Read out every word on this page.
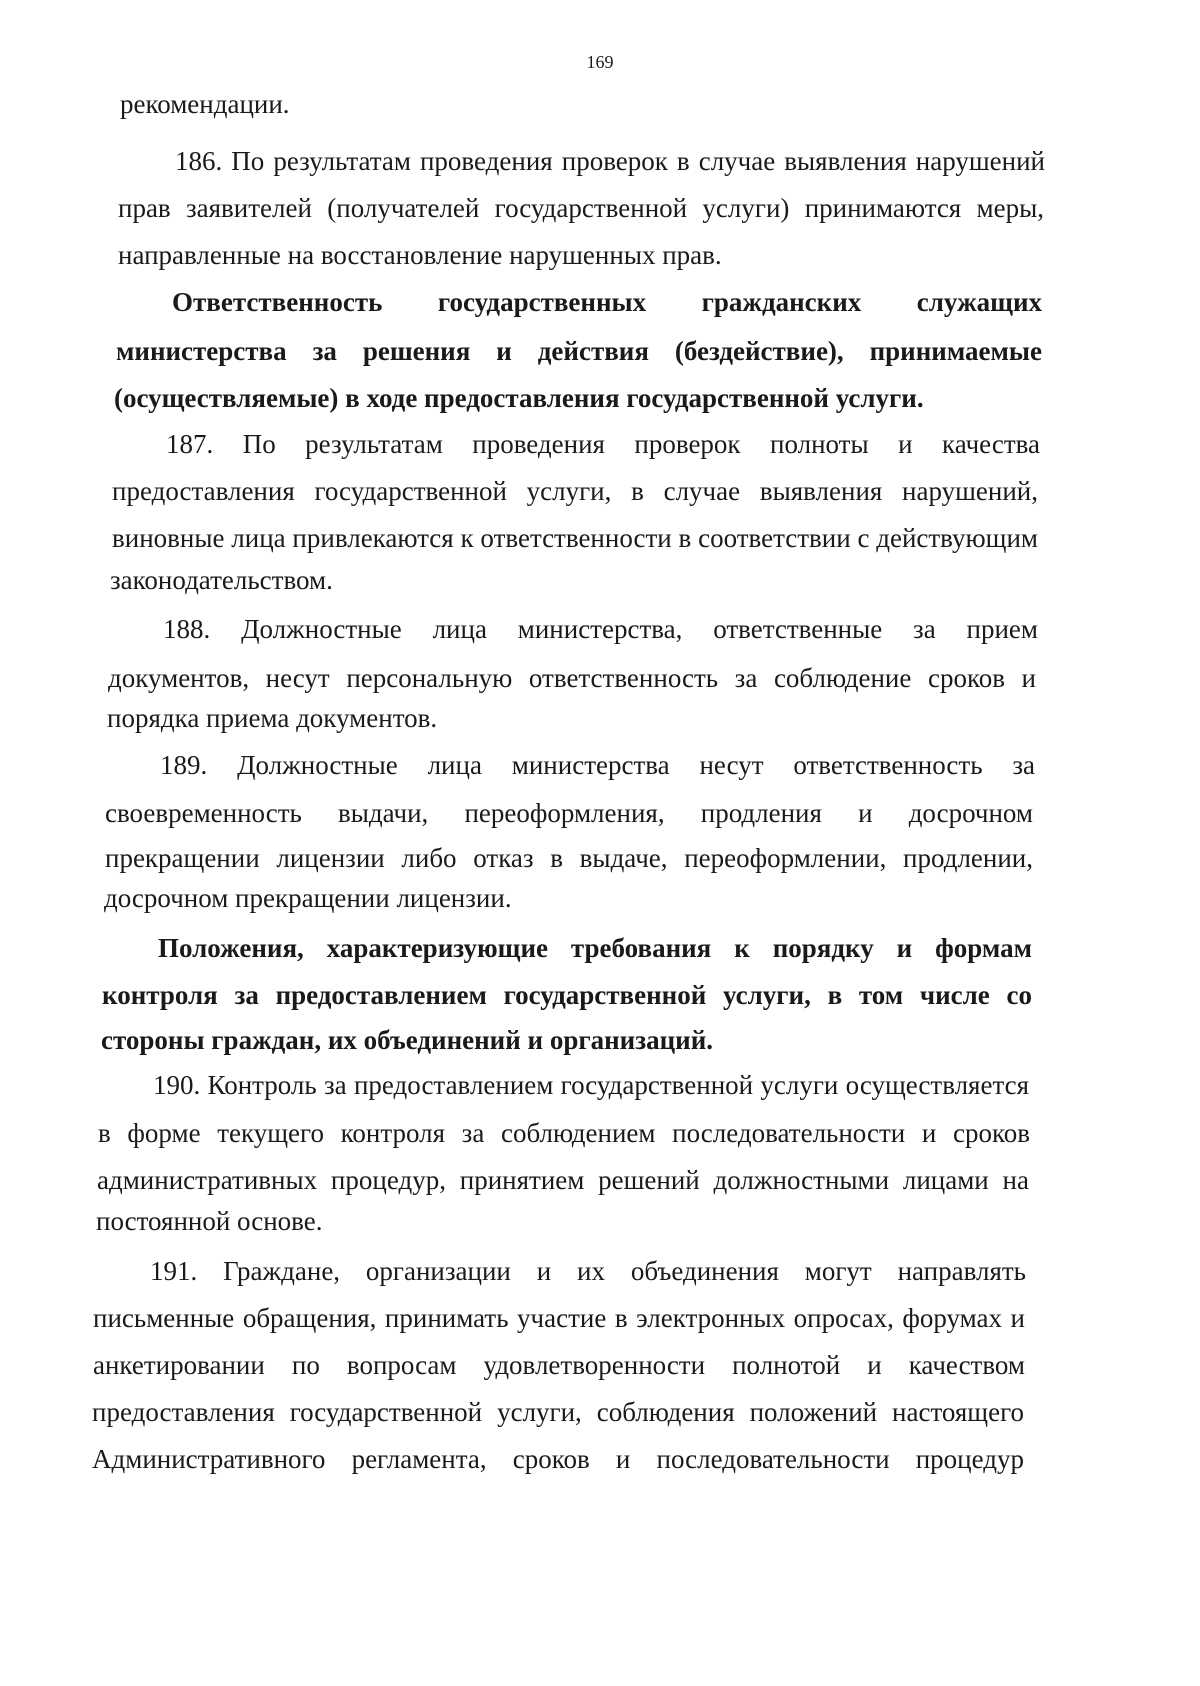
169
рекомендации.
186. По результатам проведения проверок в случае выявления нарушений
прав заявителей (получателей государственной услуги) принимаются меры,
направленные на восстановление нарушенных прав.
Ответственность государственных гражданских служащих
министерства за решения и действия (бездействие), принимаемые
(осуществляемые) в ходе предоставления государственной услуги.
187. По результатам проведения проверок полноты и качества
предоставления государственной услуги, в случае выявления нарушений,
виновные лица привлекаются к ответственности в соответствии с действующим
законодательством.
188. Должностные лица министерства, ответственные за прием
документов, несут персональную ответственность за соблюдение сроков и
порядка приема документов.
189. Должностные лица министерства несут ответственность за
своевременность выдачи, переоформления, продления и досрочном
прекращении лицензии либо отказ в выдаче, переоформлении, продлении,
досрочном прекращении лицензии.
Положения, характеризующие требования к порядку и формам
контроля за предоставлением государственной услуги, в том числе со
стороны граждан, их объединений и организаций.
190. Контроль за предоставлением государственной услуги осуществляется
в форме текущего контроля за соблюдением последовательности и сроков
административных процедур, принятием решений должностными лицами на
постоянной основе.
191. Граждане, организации и их объединения могут направлять
письменные обращения, принимать участие в электронных опросах, форумах и
анкетировании по вопросам удовлетворенности полнотой и качеством
предоставления государственной услуги, соблюдения положений настоящего
Административного регламента, сроков и последовательности процедур
